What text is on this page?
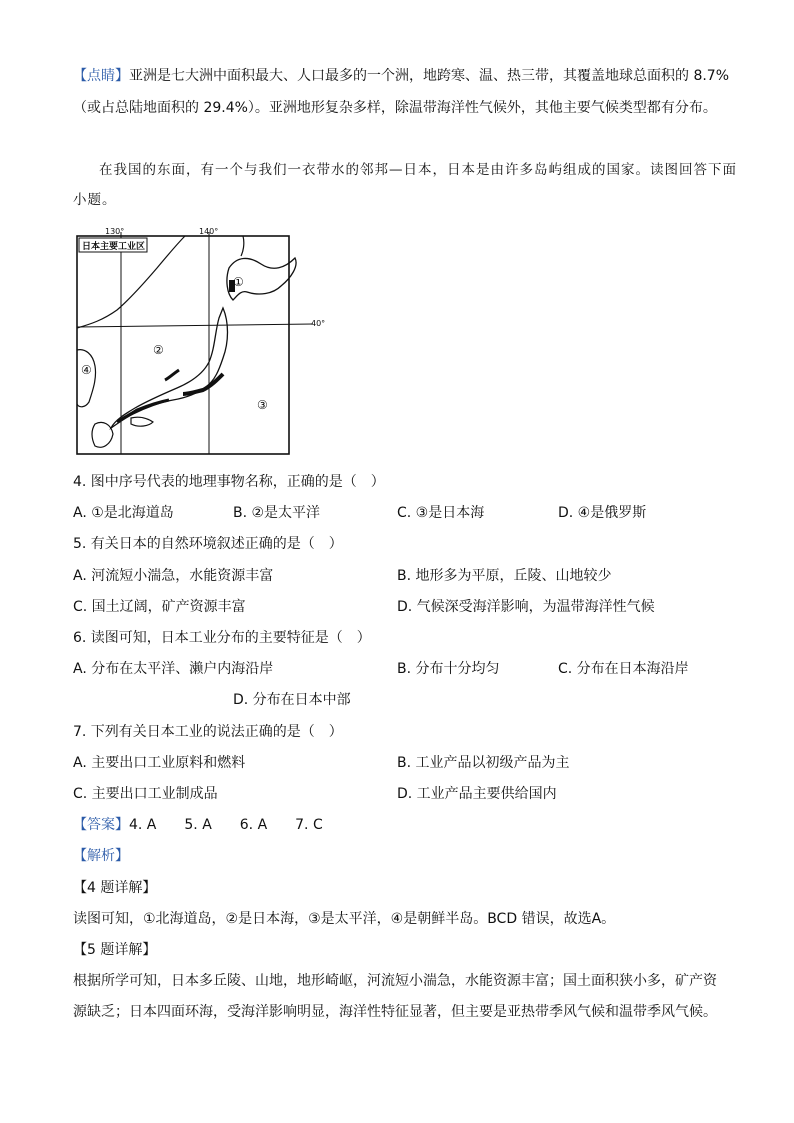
【点睛】亚洲是七大洲中面积最大、人口最多的一个洲，地跨寒、温、热三带，其覆盖地球总面积的 8.7%
（或占总陆地面积的 29.4%）。亚洲地形复杂多样，除温带海洋性气候外，其他主要气候类型都有分布。
在我国的东面，有一个与我们一衣带水的邻邦—日本，日本是由许多岛屿组成的国家。读图回答下面
小题。
130°	140°
40°
日本主要工业区
①
②
③
④
4. 图中序号代表的地理事物名称，正确的是（　）
A. ①是北海道岛	B. ②是太平洋	C. ③是日本海	D. ④是俄罗斯
5. 有关日本的自然环境叙述正确的是（　）
A. 河流短小湍急，水能资源丰富	B. 地形多为平原，丘陵、山地较少
C. 国土辽阔，矿产资源丰富	D. 气候深受海洋影响，为温带海洋性气候
6. 读图可知，日本工业分布的主要特征是（　）
A. 分布在太平洋、濑户内海沿岸	B. 分布十分均匀	C. 分布在日本海沿岸
D. 分布在日本中部
7. 下列有关日本工业的说法正确的是（　）
A. 主要出口工业原料和燃料	B. 工业产品以初级产品为主
C. 主要出口工业制成品	D. 工业产品主要供给国内
【答案】4. A　　5. A　　6. A　　7. C
【解析】
【4 题详解】
读图可知，①北海道岛，②是日本海，③是太平洋，④是朝鲜半岛。BCD 错误，故选A。
【5 题详解】
根据所学可知，日本多丘陵、山地，地形崎岖，河流短小湍急，水能资源丰富；国土面积狭小多，矿产资
源缺乏；日本四面环海，受海洋影响明显，海洋性特征显著，但主要是亚热带季风气候和温带季风气候。
